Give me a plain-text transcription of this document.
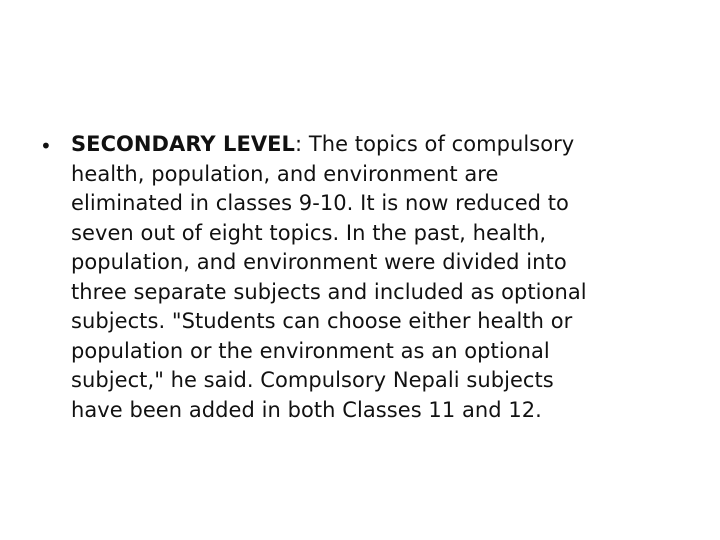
• SECONDARY LEVEL: The topics of compulsory
health, population, and environment are
eliminated in classes 9-10. It is now reduced to
seven out of eight topics. In the past, health,
population, and environment were divided into
three separate subjects and included as optional
subjects. "Students can choose either health or
population or the environment as an optional
subject," he said. Compulsory Nepali subjects
have been added in both Classes 11 and 12.
